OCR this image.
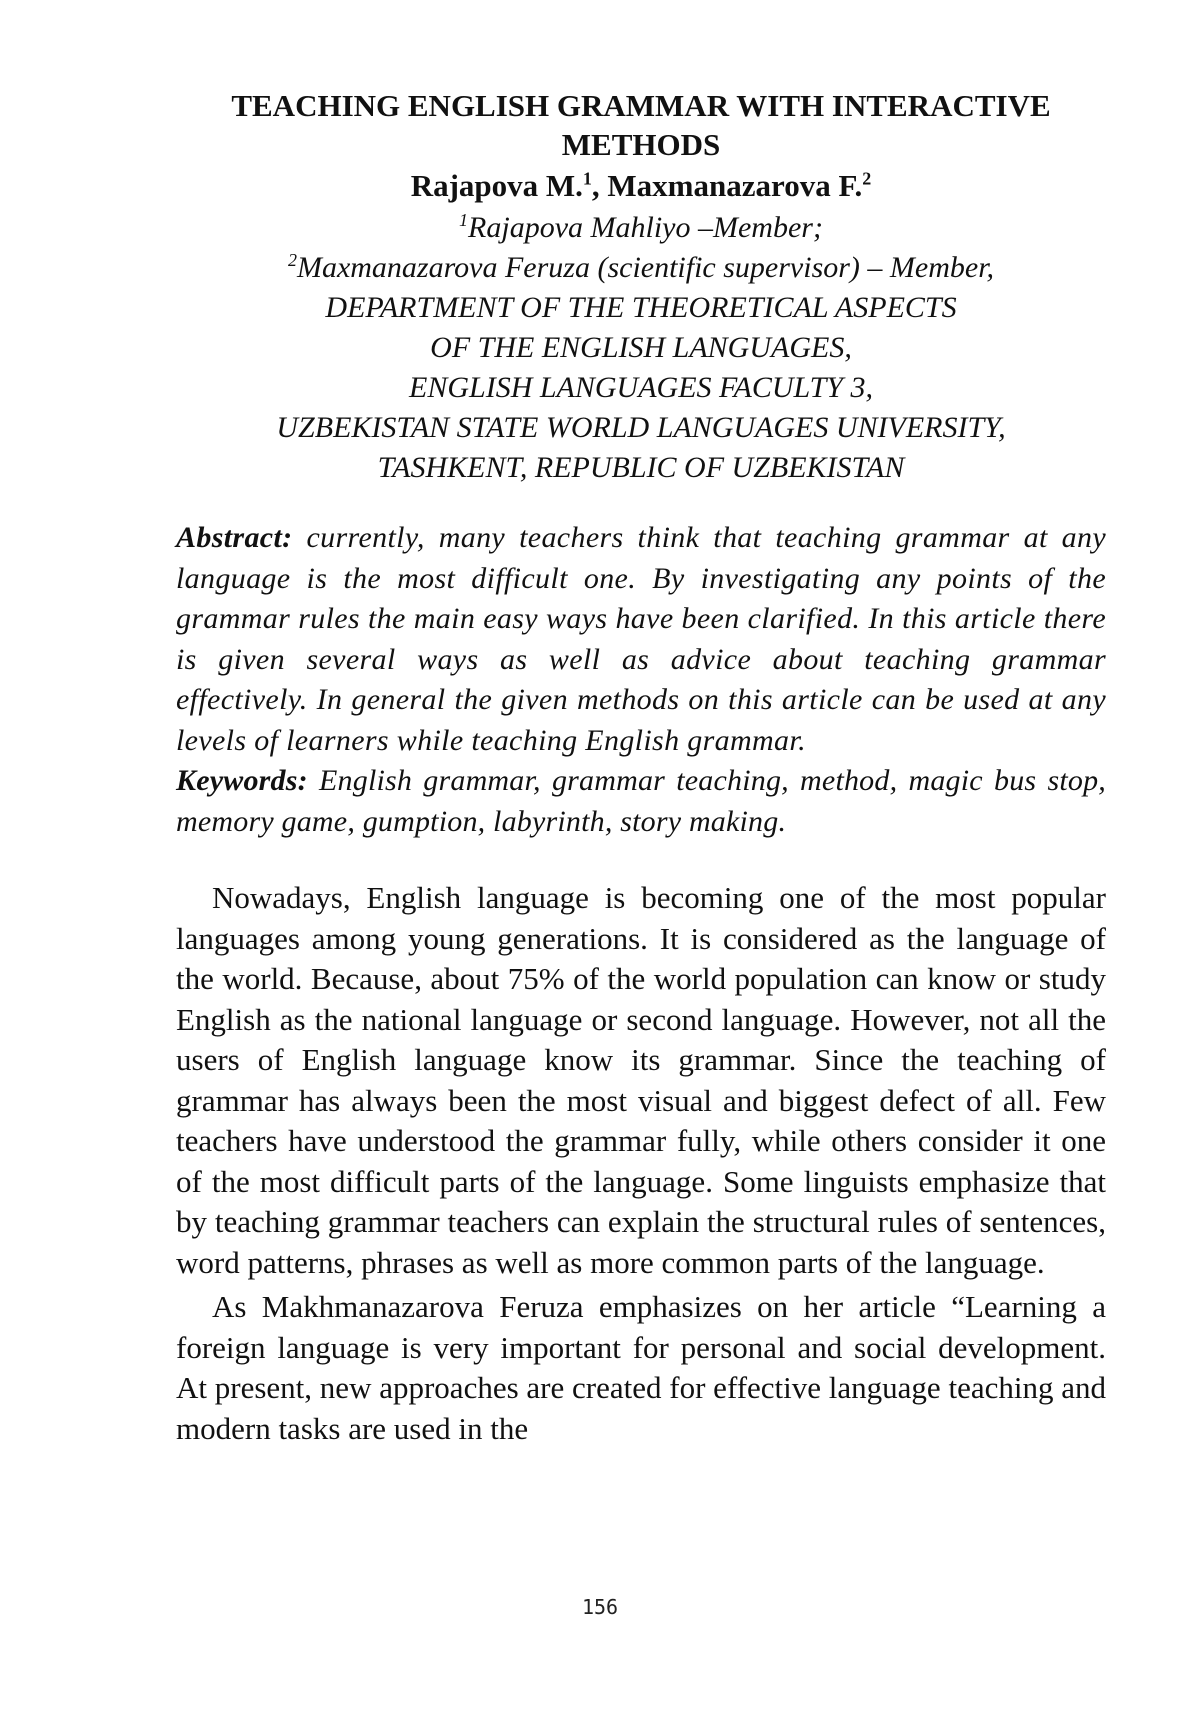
TEACHING ENGLISH GRAMMAR WITH INTERACTIVE METHODS
Rajapova M.$^1$, Maxmanazarova F.$^2$
$^1$Rajapova Mahliyo –Member;
$^2$Maxmanazarova Feruza (scientific supervisor) – Member,
DEPARTMENT OF THE THEORETICAL ASPECTS
OF THE ENGLISH LANGUAGES,
ENGLISH LANGUAGES FACULTY 3,
UZBEKISTAN STATE WORLD LANGUAGES UNIVERSITY,
TASHKENT, REPUBLIC OF UZBEKISTAN
Abstract: currently, many teachers think that teaching grammar at any language is the most difficult one. By investigating any points of the grammar rules the main easy ways have been clarified. In this article there is given several ways as well as advice about teaching grammar effectively. In general the given methods on this article can be used at any levels of learners while teaching English grammar.
Keywords: English grammar, grammar teaching, method, magic bus stop, memory game, gumption, labyrinth, story making.

Nowadays, English language is becoming one of the most popular languages among young generations. It is considered as the language of the world. Because, about 75% of the world population can know or study English as the national language or second language. However, not all the users of English language know its grammar. Since the teaching of grammar has always been the most visual and biggest defect of all. Few teachers have understood the grammar fully, while others consider it one of the most difficult parts of the language. Some linguists emphasize that by teaching grammar teachers can explain the structural rules of sentences, word patterns, phrases as well as more common parts of the language.

As Makhmanazarova Feruza emphasizes on her article “Learning a foreign language is very important for personal and social development. At present, new approaches are created for effective language teaching and modern tasks are used in the

156
